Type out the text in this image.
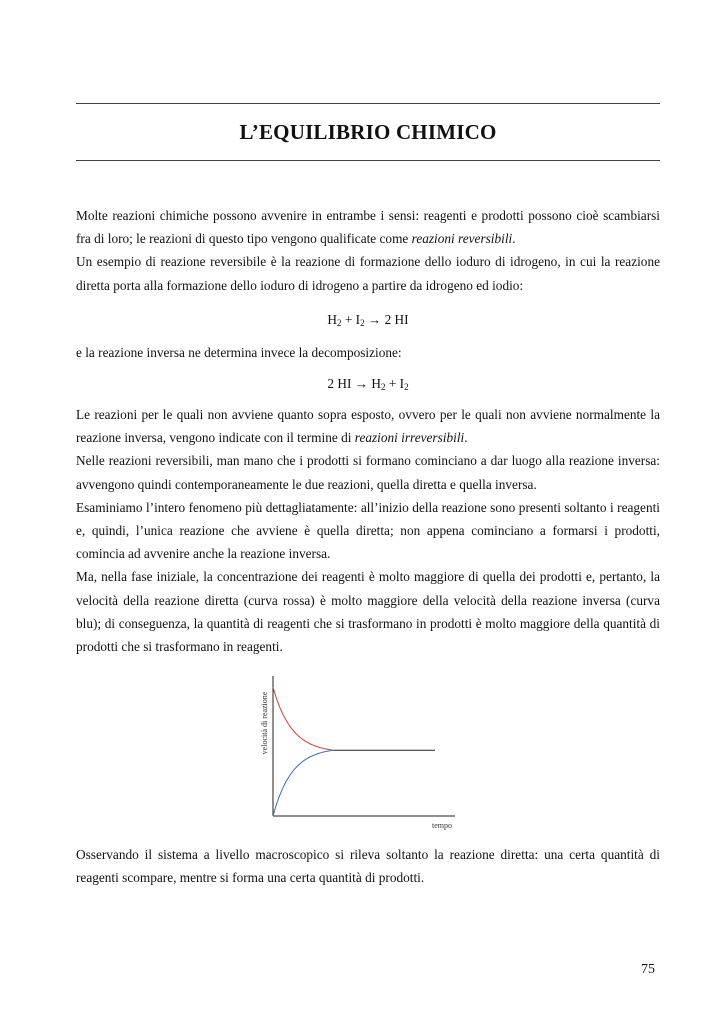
L’EQUILIBRIO CHIMICO

Molte reazioni chimiche possono avvenire in entrambe i sensi: reagenti e prodotti possono cioè scambiarsi fra di loro; le reazioni di questo tipo vengono qualificate come reazioni reversibili.

Un esempio di reazione reversibile è la reazione di formazione dello ioduro di idrogeno, in cui la reazione diretta porta alla formazione dello ioduro di idrogeno a partire da idrogeno ed iodio:

$H_2 + I_2 \to 2$ HI

e la reazione inversa ne determina invece la decomposizione:

2 HI → $H_2 + I_2$

Le reazioni per le quali non avviene quanto sopra esposto, ovvero per le quali non avviene normalmente la reazione inversa, vengono indicate con il termine di reazioni irreversibili.

Nelle reazioni reversibili, man mano che i prodotti si formano cominciano a dar luogo alla reazione inversa: avvengono quindi contemporaneamente le due reazioni, quella diretta e quella inversa.

Esaminiamo l’intero fenomeno più dettagliatamente: all’inizio della reazione sono presenti soltanto i reagenti e, quindi, l’unica reazione che avviene è quella diretta; non appena cominciano a formarsi i prodotti, comincia ad avvenire anche la reazione inversa.

Ma, nella fase iniziale, la concentrazione dei reagenti è molto maggiore di quella dei prodotti e, pertanto, la velocità della reazione diretta (curva rossa) è molto maggiore della velocità della reazione inversa (curva blu); di conseguenza, la quantità di reagenti che si trasformano in prodotti è molto maggiore della quantità di prodotti che si trasformano in reagenti.

velocità di reazione
tempo

Osservando il sistema a livello macroscopico si rileva soltanto la reazione diretta: una certa quantità di reagenti scompare, mentre si forma una certa quantità di prodotti.

75
